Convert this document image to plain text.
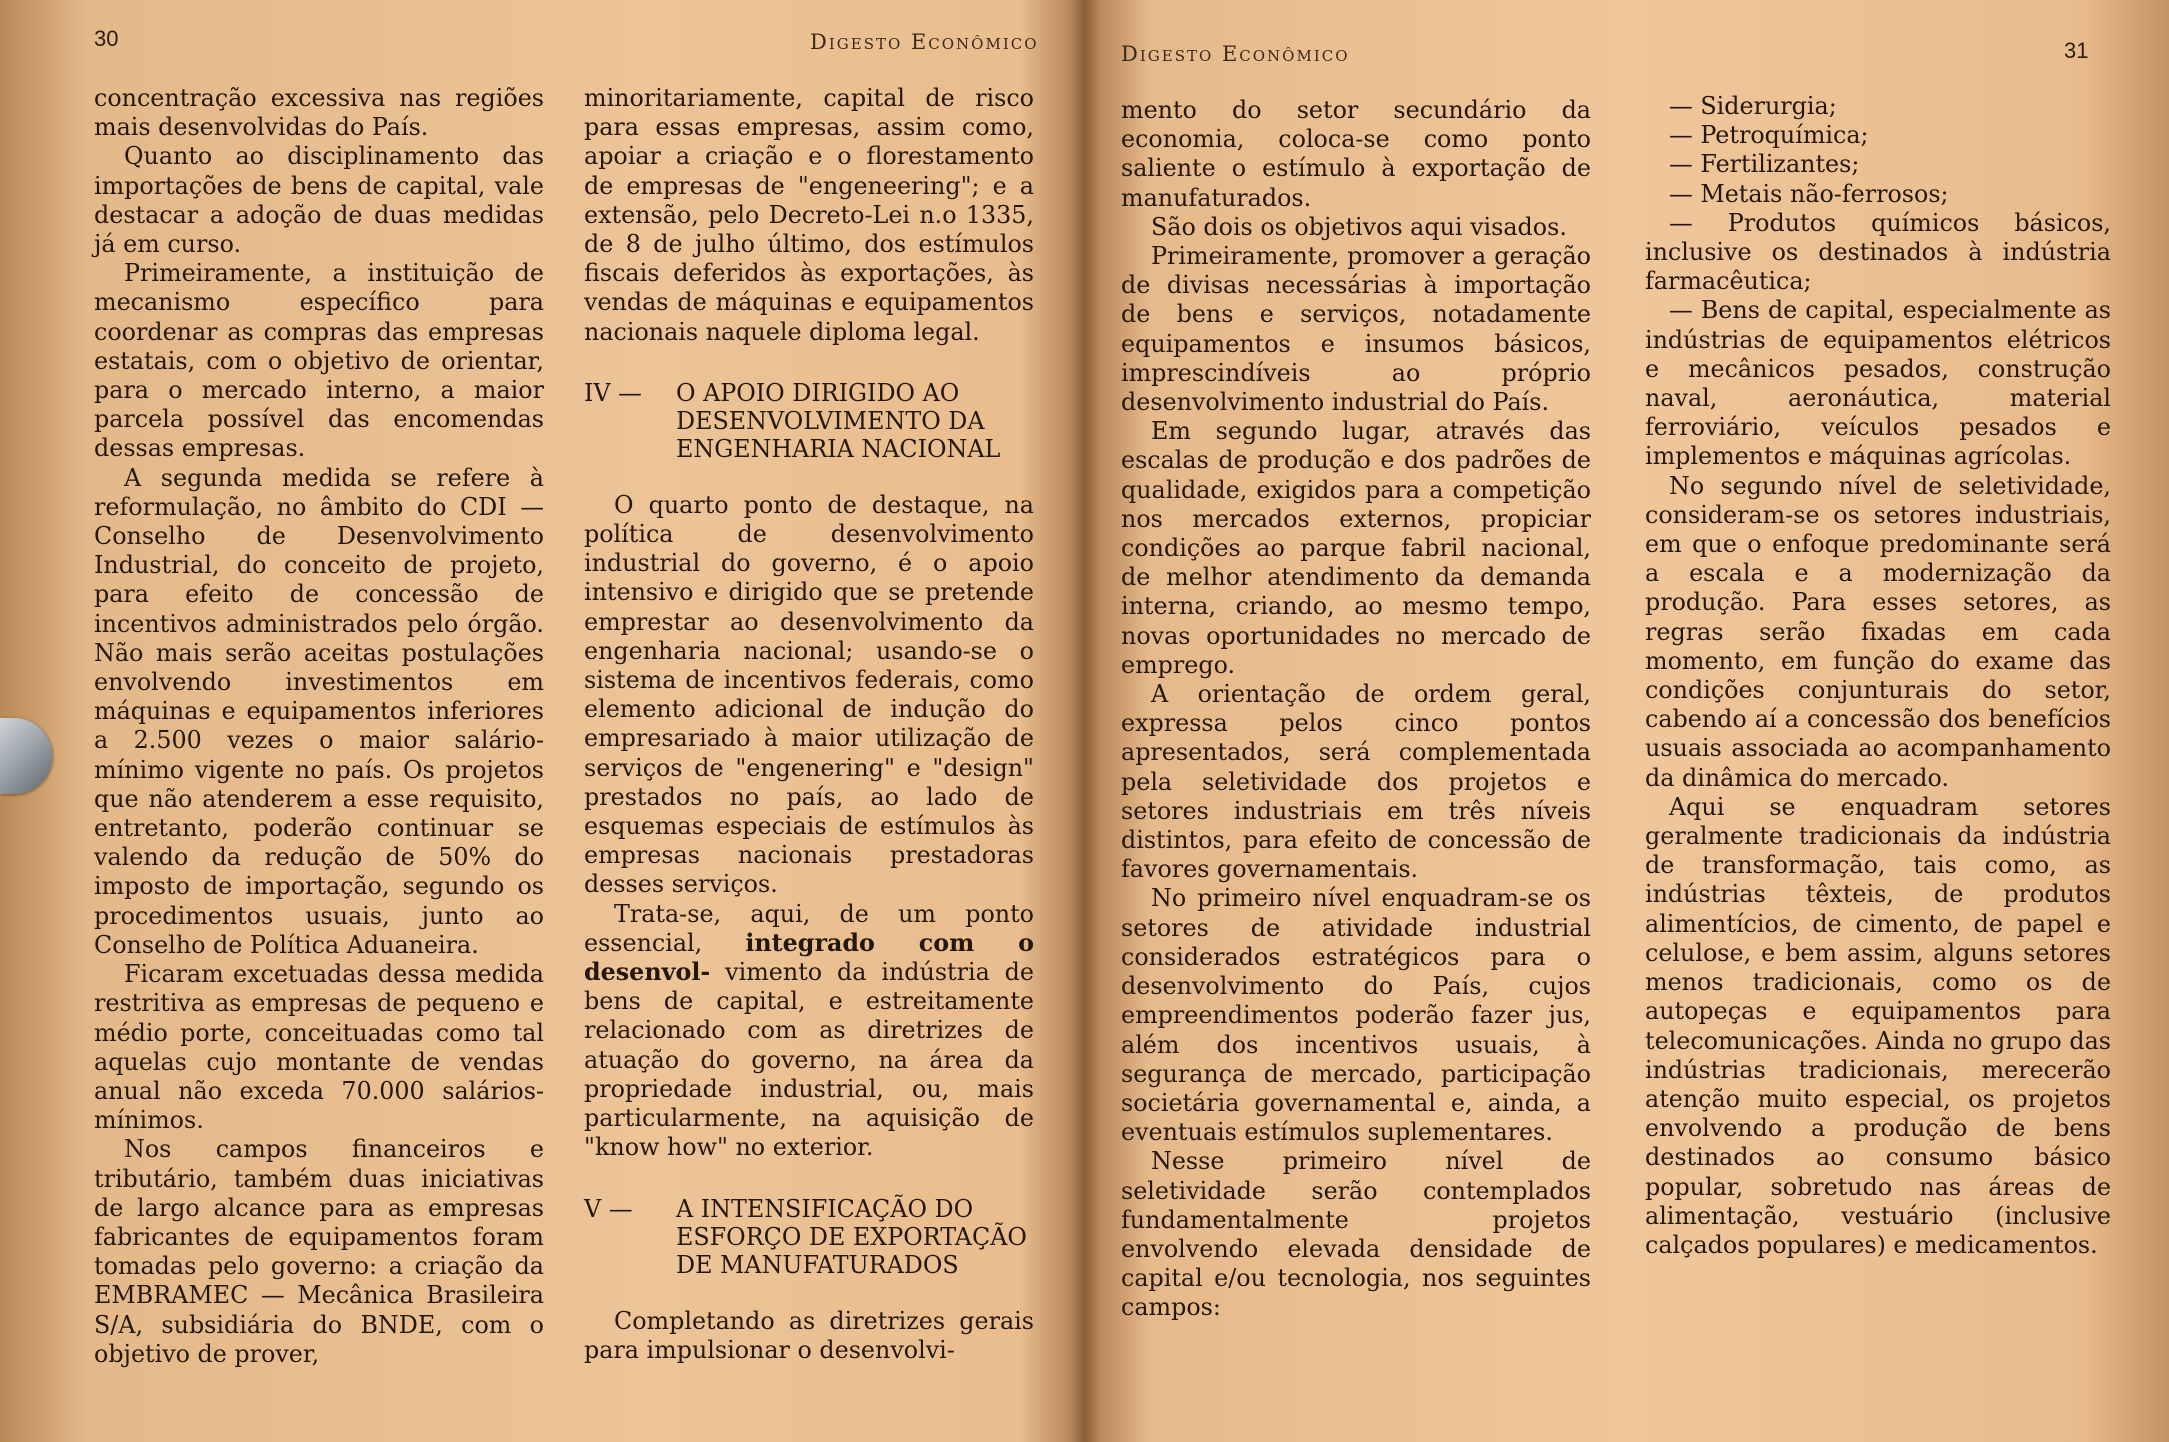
30	Digesto Econômico

concentração excessiva nas regiões mais desenvolvidas do País.

Quanto ao disciplinamento das importações de bens de capital, vale destacar a adoção de duas medidas já em curso.

Primeiramente, a instituição de mecanismo específico para coordenar as compras das empresas estatais, com o objetivo de orientar, para o mercado interno, a maior parcela possível das encomendas dessas empresas.

A segunda medida se refere à reformulação, no âmbito do CDI — Conselho de Desenvolvimento Industrial, do conceito de projeto, para efeito de concessão de incentivos administrados pelo órgão. Não mais serão aceitas postulações envolvendo investimentos em máquinas e equipamentos inferiores a 2.500 vezes o maior salário-mínimo vigente no país. Os projetos que não atenderem a esse requisito, entretanto, poderão continuar se valendo da redução de 50% do imposto de importação, segundo os procedimentos usuais, junto ao Conselho de Política Aduaneira.

Ficaram excetuadas dessa medida restritiva as empresas de pequeno e médio porte, conceituadas como tal aquelas cujo montante de vendas anual não exceda 70.000 salários-mínimos.

Nos campos financeiros e tributário, também duas iniciativas de largo alcance para as empresas fabricantes de equipamentos foram tomadas pelo governo: a criação da EMBRAMEC — Mecânica Brasileira S/A, subsidiária do BNDE, com o objetivo de prover,

minoritariamente, capital de risco para essas empresas, assim como, apoiar a criação e o florestamento de empresas de "engeneering"; e a extensão, pelo Decreto-Lei n.o 1335, de 8 de julho último, dos estímulos fiscais deferidos às exportações, às vendas de máquinas e equipamentos nacionais naquele diploma legal.

IV —	O APOIO DIRIGIDO AO DESENVOLVIMENTO DA ENGENHARIA NACIONAL

O quarto ponto de destaque, na política de desenvolvimento industrial do governo, é o apoio intensivo e dirigido que se pretende emprestar ao desenvolvimento da engenharia nacional; usando-se o sistema de incentivos federais, como elemento adicional de indução do empresariado à maior utilização de serviços de "engenering" e "design" prestados no país, ao lado de esquemas especiais de estímulos às empresas nacionais prestadoras desses serviços.

Trata-se, aqui, de um ponto essencial, integrado com o desenvol- vimento da indústria de bens de capital, e estreitamente relacionado com as diretrizes de atuação do governo, na área da propriedade industrial, ou, mais particularmente, na aquisição de "know how" no exterior.

V —	A INTENSIFICAÇÃO DO ESFORÇO DE EXPORTAÇÃO DE MANUFATURADOS

Completando as diretrizes gerais para impulsionar o desenvolvi-

Digesto Econômico	31

mento do setor secundário da economia, coloca-se como ponto saliente o estímulo à exportação de manufaturados.

São dois os objetivos aqui visados.

Primeiramente, promover a geração de divisas necessárias à importação de bens e serviços, notadamente equipamentos e insumos básicos, imprescindíveis ao próprio desenvolvimento industrial do País.

Em segundo lugar, através das escalas de produção e dos padrões de qualidade, exigidos para a competição nos mercados externos, propiciar condições ao parque fabril nacional, de melhor atendimento da demanda interna, criando, ao mesmo tempo, novas oportunidades no mercado de emprego.

A orientação de ordem geral, expressa pelos cinco pontos apresentados, será complementada pela seletividade dos projetos e setores industriais em três níveis distintos, para efeito de concessão de favores governamentais.

No primeiro nível enquadram-se os setores de atividade industrial considerados estratégicos para o desenvolvimento do País, cujos empreendimentos poderão fazer jus, além dos incentivos usuais, à segurança de mercado, participação societária governamental e, ainda, a eventuais estímulos suplementares.

Nesse primeiro nível de seletividade serão contemplados fundamentalmente projetos envolvendo elevada densidade de capital e/ou tecnologia, nos seguintes campos:

— Siderurgia;

— Petroquímica;

— Fertilizantes;

— Metais não-ferrosos;

— Produtos químicos básicos, inclusive os destinados à indústria farmacêutica;

— Bens de capital, especialmente as indústrias de equipamentos elétricos e mecânicos pesados, construção naval, aeronáutica, material ferroviário, veículos pesados e implementos e máquinas agrícolas.

No segundo nível de seletividade, consideram-se os setores industriais, em que o enfoque predominante será a escala e a modernização da produção. Para esses setores, as regras serão fixadas em cada momento, em função do exame das condições conjunturais do setor, cabendo aí a concessão dos benefícios usuais associada ao acompanhamento da dinâmica do mercado.

Aqui se enquadram setores geralmente tradicionais da indústria de transformação, tais como, as indústrias têxteis, de produtos alimentícios, de cimento, de papel e celulose, e bem assim, alguns setores menos tradicionais, como os de autopeças e equipamentos para telecomunicações. Ainda no grupo das indústrias tradicionais, merecerão atenção muito especial, os projetos envolvendo a produção de bens destinados ao consumo básico popular, sobretudo nas áreas de alimentação, vestuário (inclusive calçados populares) e medicamentos.
